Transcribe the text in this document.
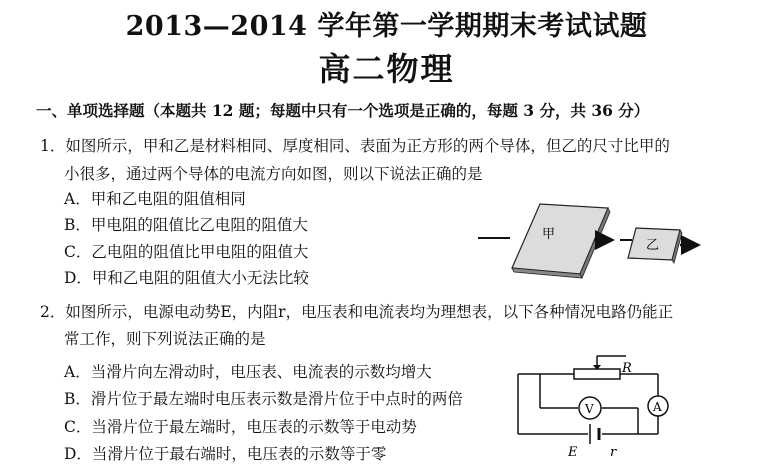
2013—2014 学年第一学期期末考试试题
高二物理
一、单项选择题（本题共 12 题；每题中只有一个选项是正确的，每题 3 分，共 36 分）
1．如图所示，甲和乙是材料相同、厚度相同、表面为正方形的两个导体，但乙的尺寸比甲的
小很多，通过两个导体的电流方向如图，则以下说法正确的是
A．甲和乙电阻的阻值相同
B．甲电阻的阻值比乙电阻的阻值大
C．乙电阻的阻值比甲电阻的阻值大
D．甲和乙电阻的阻值大小无法比较
甲
乙
2．如图所示，电源电动势E，内阻r，电压表和电流表均为理想表，以下各种情况电路仍能正
常工作，则下列说法正确的是
A．当滑片向左滑动时，电压表、电流表的示数均增大
B．滑片位于最左端时电压表示数是滑片位于中点时的两倍
C．当滑片位于最左端时，电压表的示数等于电动势
D．当滑片位于最右端时，电压表的示数等于零
V	A
R
E	r
